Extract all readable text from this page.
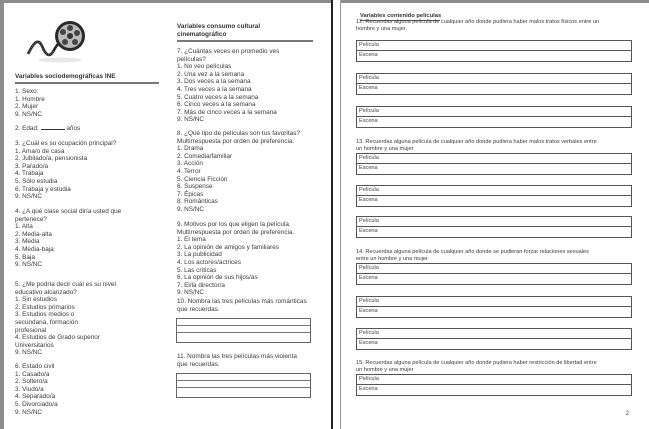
Variables sociodemográficas INE
1. Sexo:
1. Hombre
2. Mujer
9. NS/NC
2. Edad:	años
3. ¿Cuál es su ocupación principal?
1. Ama/o de casa
2. Jubilado/a, pensionista
3. Parado/a
4. Trabaja
5. Sólo estudia
6. Trabaja y estudia
9. NS/NC
4. ¿A qué clase social diría usted que
pertenece?
1. Alta
2. Media-alta
3. Media
4. Media-baja
5. Baja
9. NS/NC
5. ¿Me podría decir cuál es su nivel
educativo alcanzado?
1. Sin estudios
2. Estudios primarios
3. Estudios medios o
secundaria, formación
profesional
4. Estudios de Grado superior
Universitarios
9. NS/NC
6. Estado civil
1. Casado/a
2. Soltero/a
3. Viudo/a
4. Separado/a
5. Divorciado/a
9. NS/NC
Variables consumo cultural
cinematográfico
7. ¿Cuántas veces en promedio ves
películas?
1. No veo películas
2. Una vez a la semana
3. Dos veces a la semana
4. Tres veces a la semana
5. Cuatro veces a la semana
6. Cinco veces a la semana
7. Más de cinco veces a la semana
9. NS/NC
8. ¿Qué tipo de películas son tus favoritas?
Multirrespuesta por orden de preferencia.
1. Drama
2. Comedia/familiar
3. Acción
4. Terror
5. Ciencia Ficción
6. Suspense
7. Épicas
8. Románticas
9. NS/NC
9. Motivos por los que eligen la película.
Multirrespuesta por orden de preferencia.
1. El tema
2. La opinión de amigos y familiares
3. La publicidad
4. Los actores/actrices
5. Las críticas
6. La opinión de sus hijos/as
7. El/la director/a
9. NS/NC
10. Nombra las tres películas más románticas
que recuerdas.
11. Nombra las tres películas más violenta
que recuerdas.
Variables contenido películas
12. Recuerdas alguna película de cualquier año donde pudiera haber malos tratos físicos entre un
hombre y una mujer.
Película
Escena
Película
Escena
Película
Escena
13. Recuerdas alguna película de cualquier año donde pudiera haber malos tratos verbales entre
un hombre y una mujer
Película
Escena
Película
Escena
Película
Escena
14. Recuerdas alguna película de cualquier año donde se pudieran forzar relaciones sexuales
entre un hombre y una mujer
Película
Escena
Película
Escena
Película
Escena
15. Recuerdas alguna película de cualquier año donde pudiera haber restricción de libertad entre
un hombre y una mujer
Película
Escena
2
